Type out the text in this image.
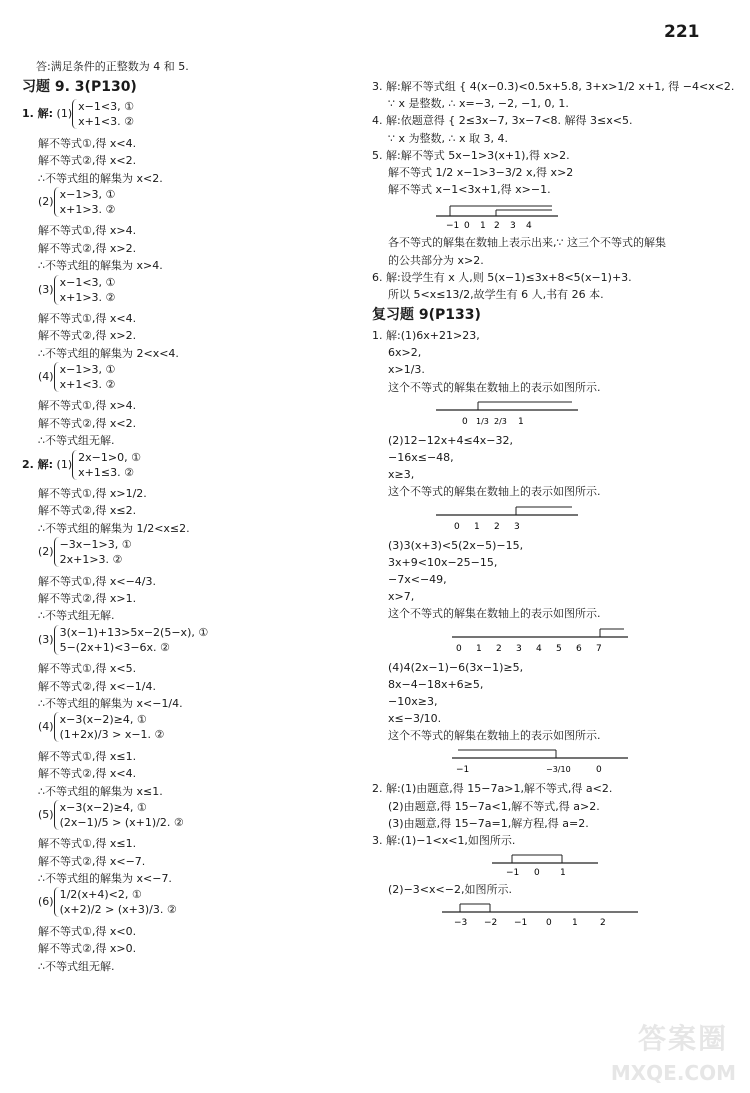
221
答:满足条件的正整数为 4 和 5.
习题 9. 3(P130)
1. 解: (1)
x−1<3, ①
x+1<3. ②
解不等式①,得 x<4.
解不等式②,得 x<2.
∴不等式组的解集为 x<2.
(2)
x−1>3, ①
x+1>3. ②
解不等式①,得 x>4.
解不等式②,得 x>2.
∴不等式组的解集为 x>4.
(3)
x−1<3, ①
x+1>3. ②
解不等式①,得 x<4.
解不等式②,得 x>2.
∴不等式组的解集为 2<x<4.
(4)
x−1>3, ①
x+1<3. ②
解不等式①,得 x>4.
解不等式②,得 x<2.
∴不等式组无解.
2. 解: (1)
2x−1>0, ①
x+1≤3. ②
解不等式①,得 x>1/2.
解不等式②,得 x≤2.
∴不等式组的解集为 1/2<x≤2.
(2)
−3x−1>3, ①
2x+1>3. ②
解不等式①,得 x<−4/3.
解不等式②,得 x>1.
∴不等式组无解.
(3)
3(x−1)+13>5x−2(5−x), ①
5−(2x+1)<3−6x. ②
解不等式①,得 x<5.
解不等式②,得 x<−1/4.
∴不等式组的解集为 x<−1/4.
(4)
x−3(x−2)≥4, ①
(1+2x)/3 > x−1. ②
解不等式①,得 x≤1.
解不等式②,得 x<4.
∴不等式组的解集为 x≤1.
(5)
x−3(x−2)≥4, ①
(2x−1)/5 > (x+1)/2. ②
解不等式①,得 x≤1.
解不等式②,得 x<−7.
∴不等式组的解集为 x<−7.
(6)
1/2(x+4)<2, ①
(x+2)/2 > (x+3)/3. ②
解不等式①,得 x<0.
解不等式②,得 x>0.
∴不等式组无解.
3. 解:解不等式组 { 4(x−0.3)<0.5x+5.8, 3+x>1/2 x+1, 得 −4<x<2.
∵ x 是整数, ∴ x=−3, −2, −1, 0, 1.
4. 解:依题意得 { 2≤3x−7, 3x−7<8. 解得 3≤x<5.
∵ x 为整数, ∴ x 取 3, 4.
5. 解:解不等式 5x−1>3(x+1),得 x>2.
解不等式 1/2 x−1>3−3/2 x,得 x>2
解不等式 x−1<3x+1,得 x>−1.
−1 0 1 2 3 4
各不等式的解集在数轴上表示出来,∵ 这三个不等式的解集
的公共部分为 x>2.
6. 解:设学生有 x 人,则 5(x−1)≤3x+8<5(x−1)+3.
所以 5<x≤13/2,故学生有 6 人,书有 26 本.
复习题 9(P133)
1. 解:(1)6x+21>23,
6x>2,
x>1/3.
这个不等式的解集在数轴上的表示如图所示.
0 1/3 2/3 1
(2)12−12x+4≤4x−32,
−16x≤−48,
x≥3,
这个不等式的解集在数轴上的表示如图所示.
0 1 2 3
(3)3(x+3)<5(2x−5)−15,
3x+9<10x−25−15,
−7x<−49,
x>7,
这个不等式的解集在数轴上的表示如图所示.
0 1 2 3 4 5 6 7
(4)4(2x−1)−6(3x−1)≥5,
8x−4−18x+6≥5,
−10x≥3,
x≤−3/10.
这个不等式的解集在数轴上的表示如图所示.
−1	−3/10	0
2. 解:(1)由题意,得 15−7a>1,解不等式,得 a<2.
(2)由题意,得 15−7a<1,解不等式,得 a>2.
(3)由题意,得 15−7a=1,解方程,得 a=2.
3. 解:(1)−1<x<1,如图所示.
−1 0 1
(2)−3<x<−2,如图所示.
−3 −2 −1 0 1 2
答案圈
MXQE.COM
